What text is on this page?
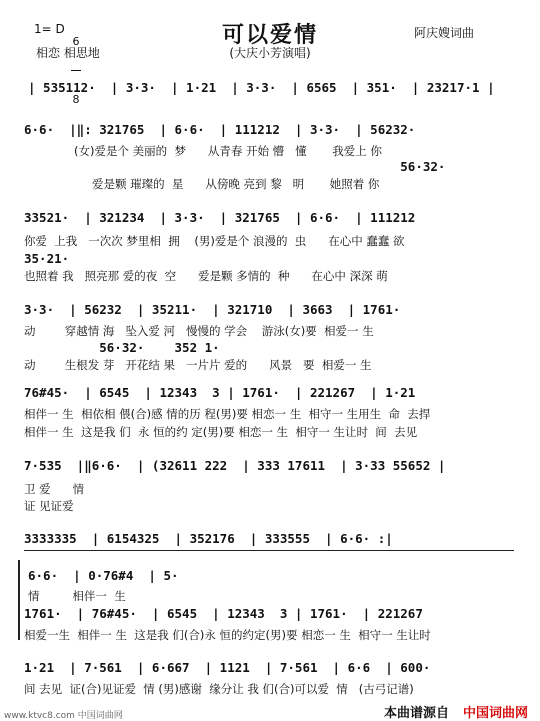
可以爱情
(大庆小芳演唱)
1= D

6

8

相恋 相思地
阿庆嫂词曲
| 535112·  | 3·3·  | 1·21  | 3·3·  | 6565  | 351·  | 23217·1 |
6·6·  |‖: 321765  | 6·6·  | 111212  | 3·3·  | 56232·
(女)爱是个 美丽的  梦      从青春 开始 懵   懂       我爱上 你
56·32·
爱是颗 璀璨的  星      从傍晚 亮到 黎   明       她照着 你
33521·  | 321234  | 3·3·  | 321765  | 6·6·  | 111212
你爱  上我   一次次 梦里相  拥    (男)爱是个 浪漫的  虫      在心中 蠢蠢 欲
35·21·
也照着 我   照亮那 爱的夜  空      爱是颗 多情的  种      在心中 深深 萌
3·3·  | 56232  | 35211·  | 321710  | 3663  | 1761·
动        穿越情 海   坠入爱 河   慢慢的 学会    游泳(女)要  相爱一 生
56·32·    352 1·
动        生根发 芽   开花结 果   一片片 爱的      风景   要  相爱一 生
76#45·  | 6545  | 12343  3 | 1761·  | 221267  | 1·21
相伴一 生  相依相 偎(合)感 情的历 程(男)要 相恋一 生  相守一 生用生  命  去捍
相伴一 生  这是我 们  永 恒的约 定(男)要 相恋一 生  相守一 生让时  间  去见
7·535  |‖6·6·  | (32611 222  | 333 17611  | 3·33 55652 |
卫 爱      情
证 见证爱
3333335  | 6154325  | 352176  | 333555  | 6·6· :|
6·6·  | 0·76#4  | 5·
情         相伴一  生
1761·  | 76#45·  | 6545  | 12343  3 | 1761·  | 221267
相爱一生  相伴一 生  这是我 们(合)永 恒的约定(男)要 相恋一 生  相守一 生让时
1·21  | 7·561  | 6·667  | 1121  | 7·561  | 6·6  | 600·
间 去见  证(合)见证爱  情 (男)感谢  缘分让 我 们(合)可以爱  情   (古弓记谱)
www.ktvc8.com 中国词曲网	本曲谱源自 中国词曲网
